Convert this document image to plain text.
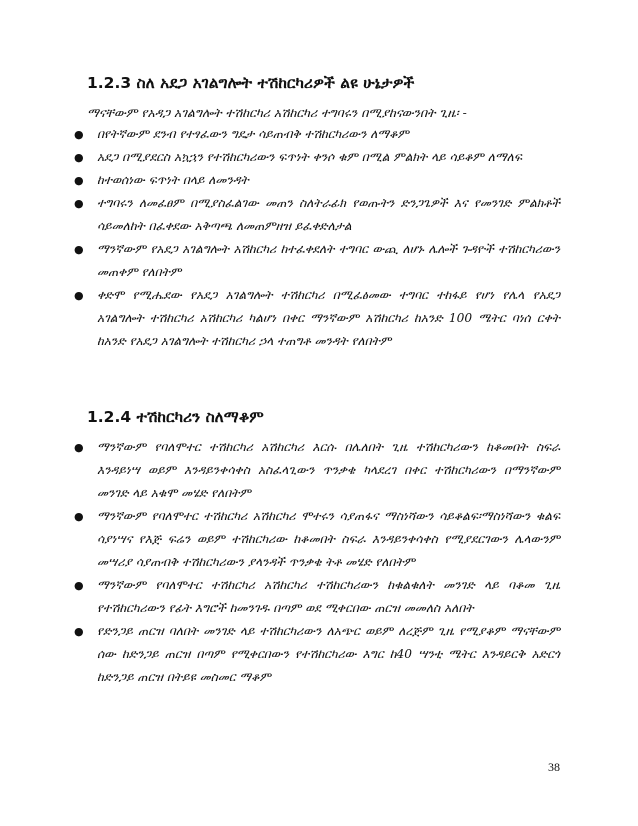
1.2.3 ስለ አደጋ አገልግሎት ተሽከርካሪዎች ልዩ ሁኔታዎች
ማናቸውም የአዳጋ አገልግሎት ተሽከርካሪ አሽከርካሪ ተግባሩን በሚያከናውንበት ጊዜ፡ -
● በየትኛውም ደንብ የተፃፈውን ግዴታ ሳይጠብቅ ተሽከርካሪውን ለማቆም
● አደጋ በሚያደርስ አኳኋን የተሽከርካሪውን ፍጥነት ቀንሶ ቁም በሚል ምልክት ላይ ሳይቆም ለማለፍ
● ከተወሰነው ፍጥነት በላይ ለመንዳት
● ተግባሩን ለመፈፀም በሚያስፈልገው መጠን ስለትራፊክ የወጡትን ድንጋጌዎች እና የመንገድ ምልክቶች ሳይመለከት በፈቀደው አቅጣጫ ለመጠምዘዝ ይፈቀድለታል
● ማንኛውም የአደጋ አገልግሎት አሽከርካሪ ከተፈቀደለት ተግባር ውጪ ለሆኑ ሌሎች ጉዳዮች ተሽከርካሪውን መጠቀም የለበትም
● ቀድሞ የሚሔደው የአደጋ አገልግሎት ተሽከርካሪ በሚፈፅመው ተግባር ተከፋይ የሆነ የሌላ የአደጋ አገልግሎት ተሽከርካሪ አሽከርካሪ ካልሆነ በቀር ማንኛውም አሽከርካሪ ከአንድ 100 ሜትር ባነሰ ርቀት ከአንድ የአደጋ አገልግሎት ተሽከርካሪ ኃላ ተጠግቶ መንዳት የለበትም
1.2.4 ተሽከርካሪን ስለማቆም
● ማንኛውም የባለሞተር ተሽከርካሪ አሽከርካሪ እርሱ በሌለበት ጊዜ ተሽከርካሪውን ከቆመበት ስፍራ እንዳይነሣ ወይም እንዳይንቀሳቀስ አስፈላጊውን ጥንቃቄ ካላደረገ በቀር ተሽከርካሪውን በማንኛውም መንገድ ላይ አቁሞ መሄድ የለበትም
● ማንኛውም የባለሞተር ተሽከርካሪ አሽከርካሪ ሞተሩን ሳያጠፋና ማስነሻውን ሳይቆልፍ፡ማስነሻውን ቁልፍ ሳያነሣና የእጅ ፍሬን ወይም ተሽከርካሪው ከቆመበት ስፍራ እንዳይንቀሳቀስ የሚያደርገውን ሌላውንም መሣሪያ ሳያጠብቅ ተሽከርካሪውን ያላንዳች ጥንቃቄ ትቶ መሄድ የለበትም
● ማንኛውም የባለሞተር ተሽከርካሪ አሽከርካሪ ተሽከርካሪውን ከቁልቁለት መንገድ ላይ ባቆመ ጊዜ የተሽከርካሪውን የፊት እግሮች ከመንገዱ በጣም ወደ ሚቀርበው ጠርዝ መመለስ አለበት
● የድንጋይ ጠርዝ ባለበት መንገድ ላይ ተሽከርካሪውን ለአጭር ወይም ለረጅም ጊዜ የሚያቆም ማናቸውም ሰው ከድንጋይ ጠርዝ በጣም የሚቀርበውን የተሽከርካሪው እግር ከ40 ሣንቲ ሜትር እንዳይርቅ አድርጎ ከድንጋይ ጠርዝ በትይዩ መስመር ማቆም
38
